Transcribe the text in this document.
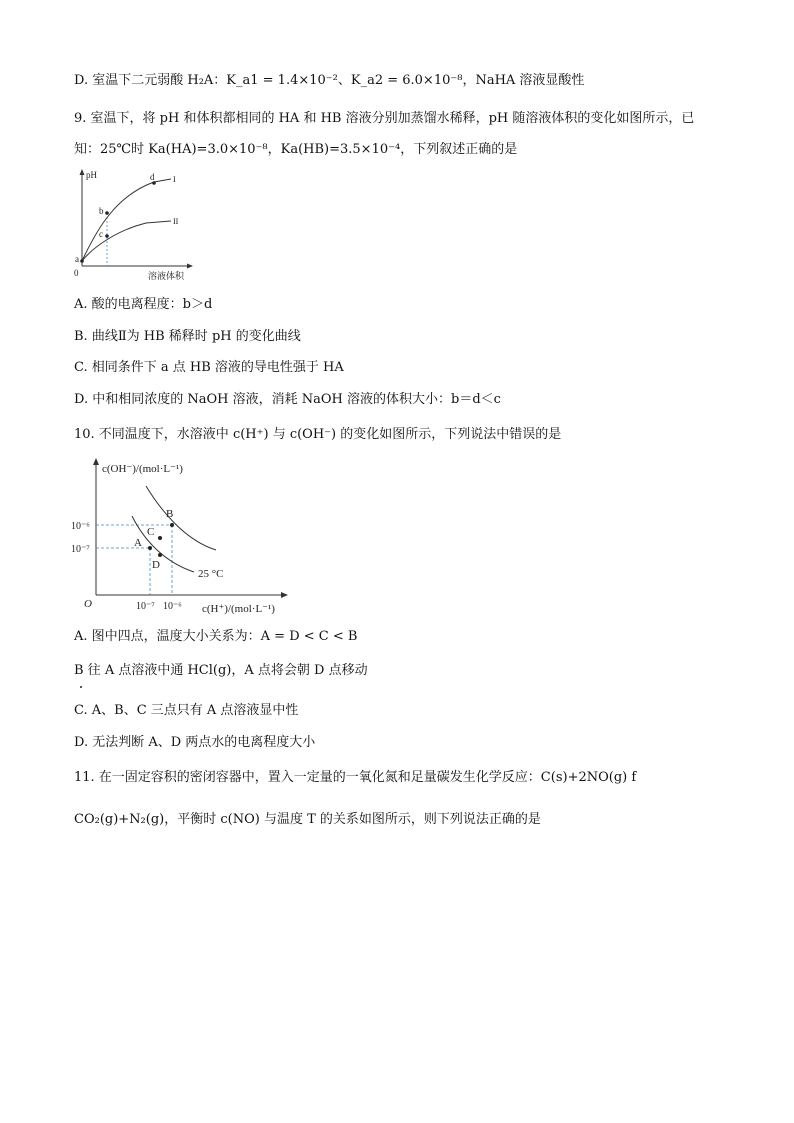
D. 室温下二元弱酸 H₂A：K_a1 = 1.4×10⁻²、K_a2 = 6.0×10⁻⁸，NaHA 溶液显酸性
9. 室温下，将 pH 和体积都相同的 HA 和 HB 溶液分别加蒸馏水稀释，pH 随溶液体积的变化如图所示，已
知：25℃时 Ka(HA)=3.0×10⁻⁸，Ka(HB)=3.5×10⁻⁴，下列叙述正确的是
pH
溶液体积
0
a
b
c
d I
II
A. 酸的电离程度：b＞d
B. 曲线Ⅱ为 HB 稀释时 pH 的变化曲线
C. 相同条件下 a 点 HB 溶液的导电性强于 HA
D. 中和相同浓度的 NaOH 溶液，消耗 NaOH 溶液的体积大小：b＝d＜c
10. 不同温度下，水溶液中 c(H⁺) 与 c(OH⁻) 的变化如图所示，下列说法中错误的是
c(OH⁻)/(mol·L⁻¹)
c(H⁺)/(mol·L⁻¹)
O
10⁻⁶
10⁻⁷
10⁻⁷ 10⁻⁶
A
B
C
D
25 °C
A. 图中四点，温度大小关系为：A = D < C < B
B 往 A 点溶液中通 HCl(g)，A 点将会朝 D 点移动
C. A、B、C 三点只有 A 点溶液显中性
D. 无法判断 A、D 两点水的电离程度大小
11. 在一固定容积的密闭容器中，置入一定量的一氧化氮和足量碳发生化学反应：C(s)+2NO(g) f
CO₂(g)+N₂(g)，平衡时 c(NO) 与温度 T 的关系如图所示，则下列说法正确的是
